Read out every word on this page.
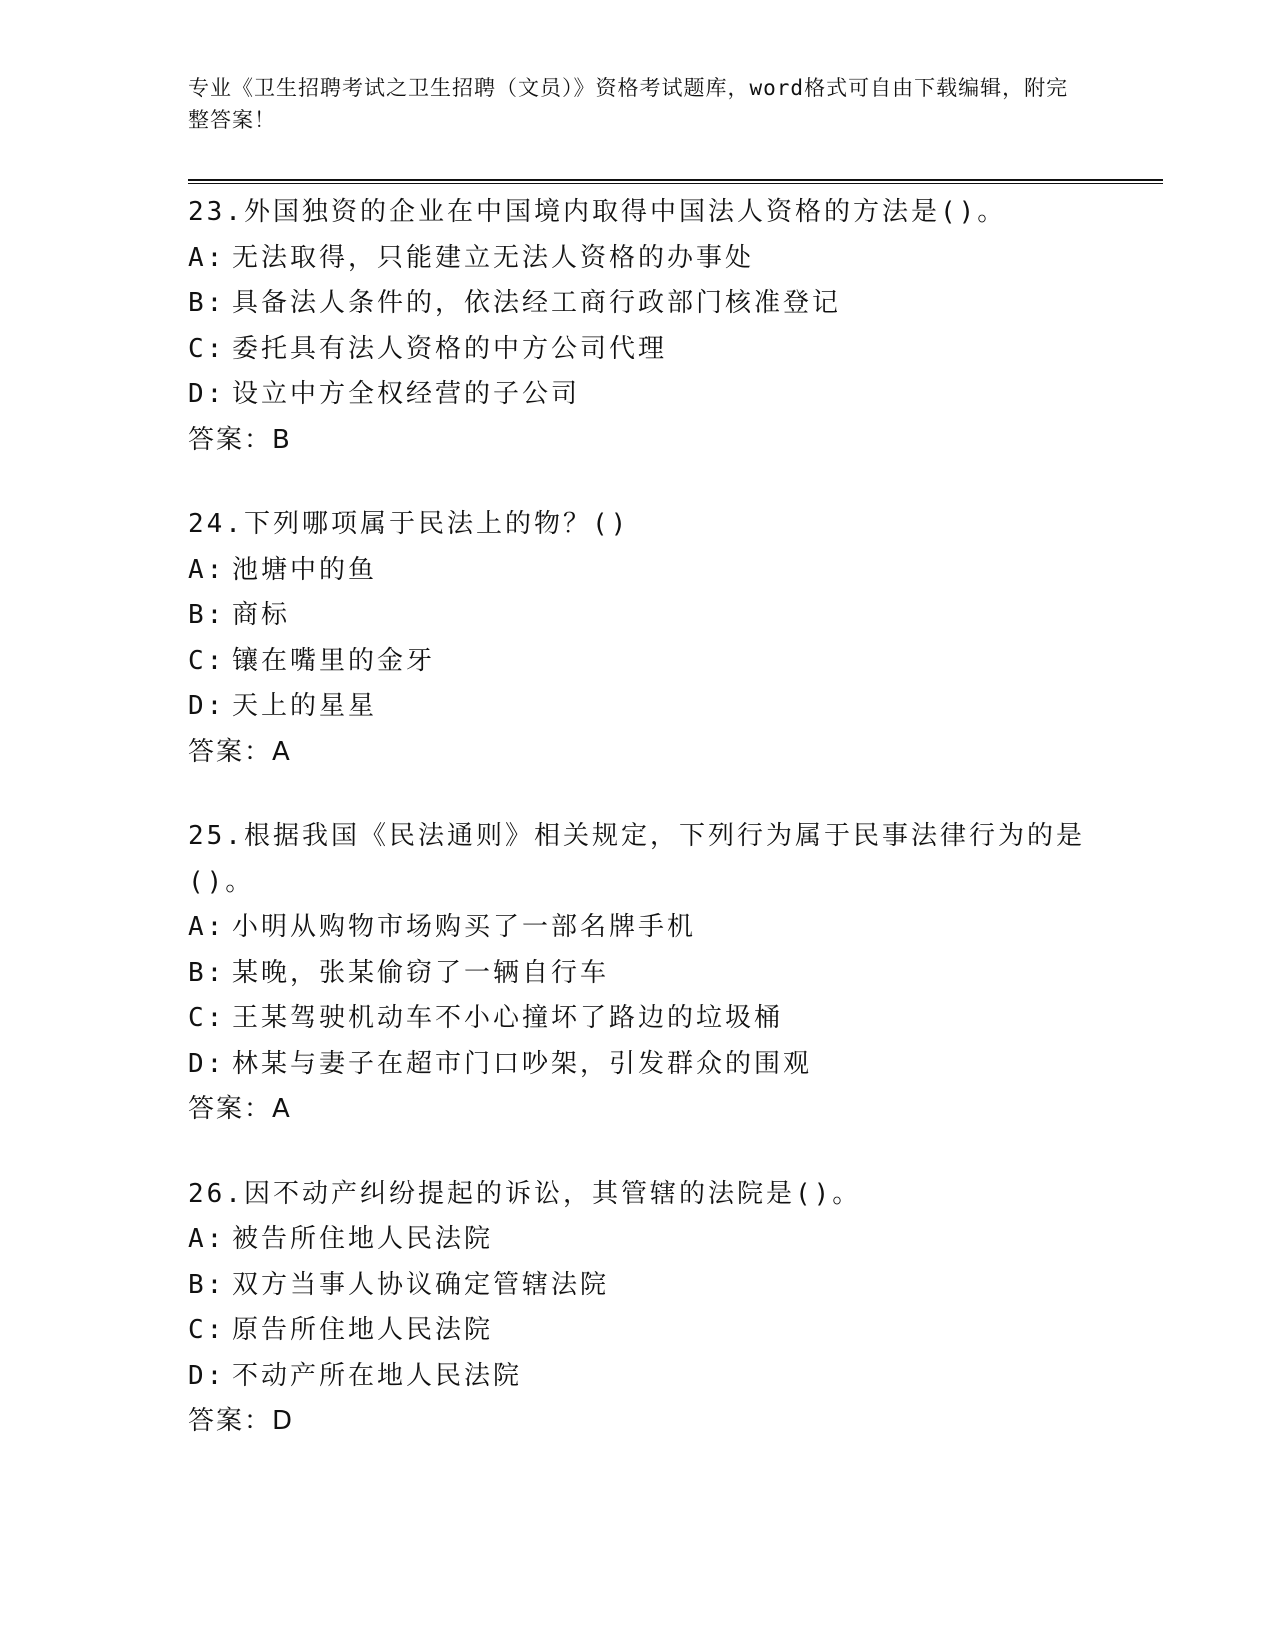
专业《卫生招聘考试之卫生招聘（文员）》资格考试题库，word格式可自由下载编辑，附完整答案！
23.外国独资的企业在中国境内取得中国法人资格的方法是()。
A: 无法取得，只能建立无法人资格的办事处
B: 具备法人条件的，依法经工商行政部门核准登记
C: 委托具有法人资格的中方公司代理
D: 设立中方全权经营的子公司
答案：B
24.下列哪项属于民法上的物？()
A: 池塘中的鱼
B: 商标
C: 镶在嘴里的金牙
D: 天上的星星
答案：A
25.根据我国《民法通则》相关规定，下列行为属于民事法律行为的是()。
A: 小明从购物市场购买了一部名牌手机
B: 某晚，张某偷窃了一辆自行车
C: 王某驾驶机动车不小心撞坏了路边的垃圾桶
D: 林某与妻子在超市门口吵架，引发群众的围观
答案：A
26.因不动产纠纷提起的诉讼，其管辖的法院是()。
A: 被告所住地人民法院
B: 双方当事人协议确定管辖法院
C: 原告所住地人民法院
D: 不动产所在地人民法院
答案：D
